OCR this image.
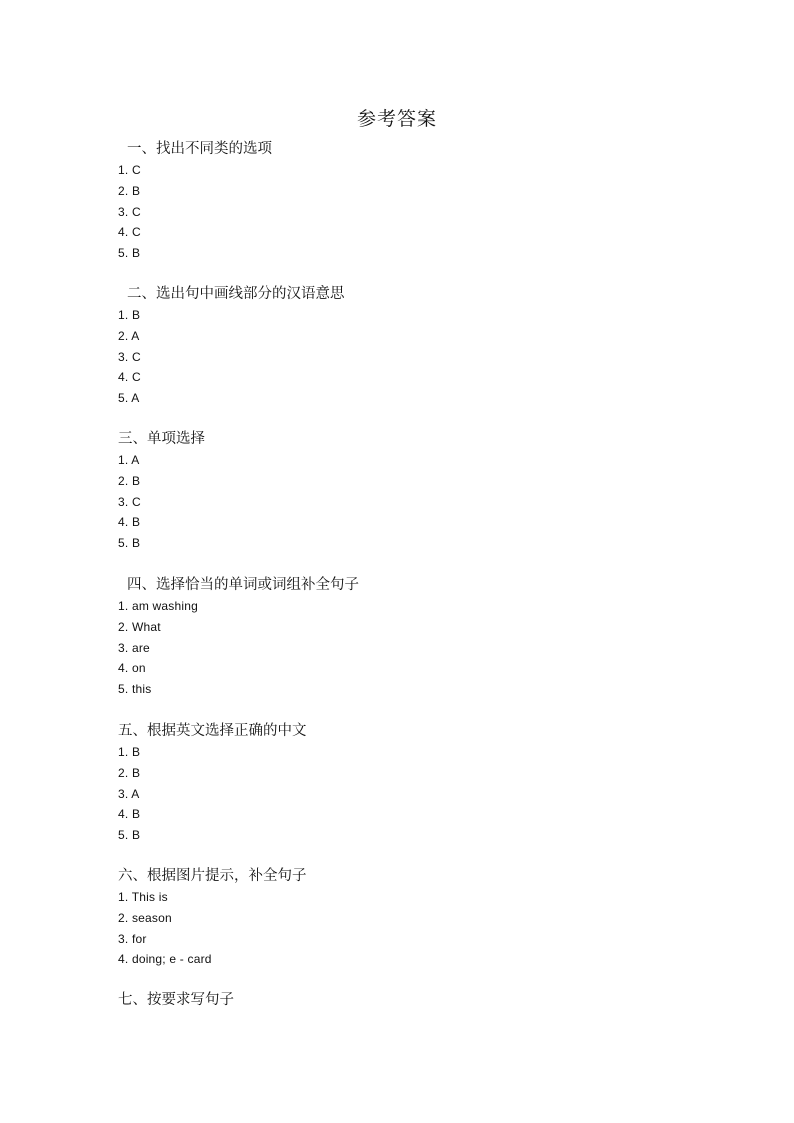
参考答案
一、找出不同类的选项
1. C
2. B
3. C
4. C
5. B
二、选出句中画线部分的汉语意思
1. B
2. A
3. C
4. C
5. A
三、单项选择
1. A
2. B
3. C
4. B
5. B
四、选择恰当的单词或词组补全句子
1. am washing
2. What
3. are
4. on
5. this
五、根据英文选择正确的中文
1. B
2. B
3. A
4. B
5. B
六、根据图片提示，补全句子
1. This is
2. season
3. for
4. doing; e - card
七、按要求写句子
